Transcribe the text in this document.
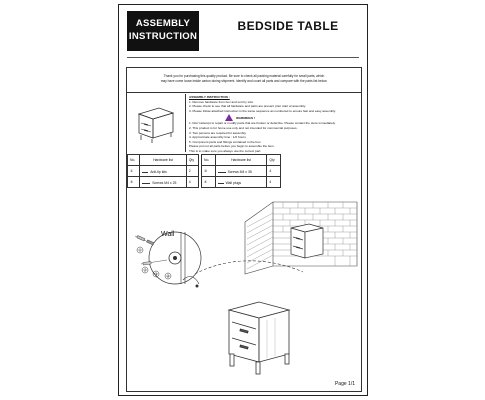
ASSEMBLY
INSTRUCTION
BEDSIDE TABLE
Thank you for purchasing this quality product. Be sure to check all packing material carefully for small parts, which
may have come loose inside carton during shipment. Identify and count all parts and compare with the parts list below.
ASSEMBLY INSTRUCTION :
1. Remove hardware from box and sort by size.
2. Please check to see that all hardware and parts are present prior start of assembly.
3. Please follow attached instruction in the same sequence as numbered to ensure fast and easy assembly.
WARNINGS !
1. Don't attempt to repair or modify parts that are broken or defective. Please contact the store immediately.
2. This product is for home use only and not intended for commercial purposes.
3. Two persons are required for assembly.
4. Approximate assembly time : 1/2 hours
5. Component parts and fittings contained in the box.
Please put not all parts before you begin to assemble the item.
This is to make sure you always use the correct part.
No.	Hardware list	Qty
①	Anti-tip kits	2
②	Screws M4 x 25	4
No.	Hardware list	Qty
③	Screws M4 x 35	4
④	Wall plugs	4
Wall
①
②
③ ④
Page 1/1
